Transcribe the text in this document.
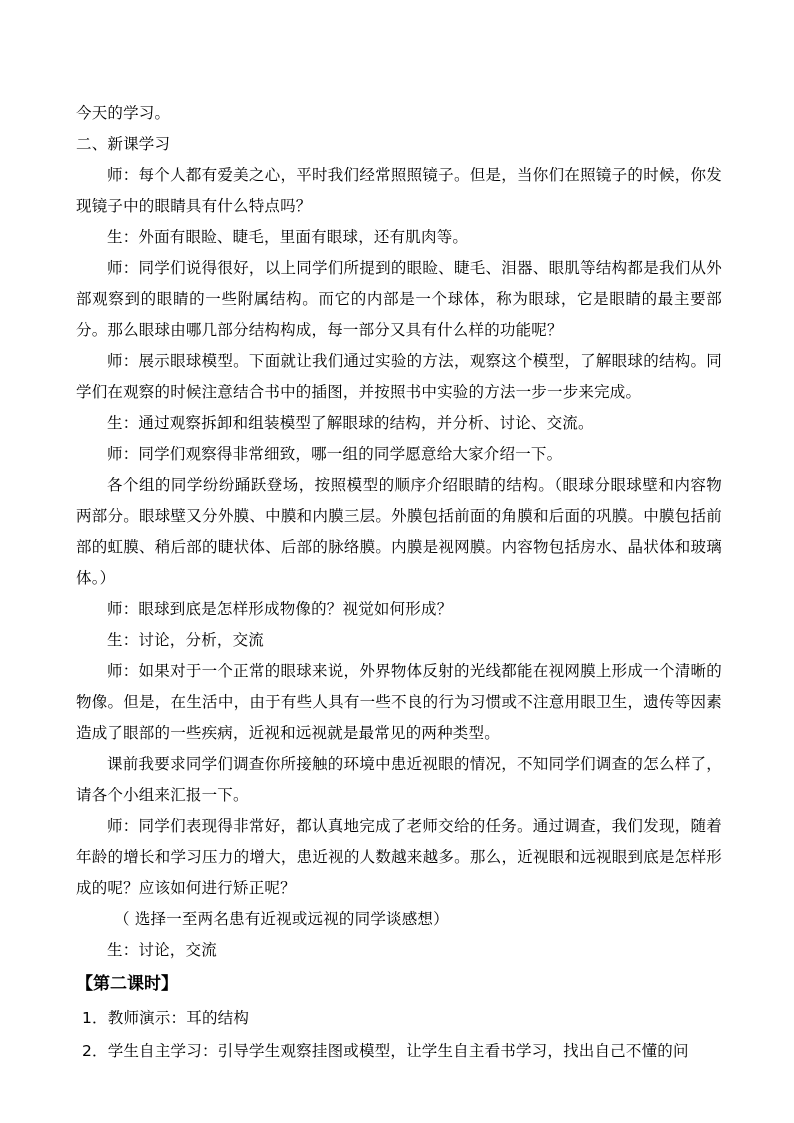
今天的学习。

二、新课学习

师：每个人都有爱美之心，平时我们经常照照镜子。但是，当你们在照镜子的时候，你发现镜子中的眼睛具有什么特点吗？

生：外面有眼睑、睫毛，里面有眼球，还有肌肉等。

师：同学们说得很好，以上同学们所提到的眼睑、睫毛、泪器、眼肌等结构都是我们从外部观察到的眼睛的一些附属结构。而它的内部是一个球体，称为眼球，它是眼睛的最主要部分。那么眼球由哪几部分结构构成，每一部分又具有什么样的功能呢？

师：展示眼球模型。下面就让我们通过实验的方法，观察这个模型，了解眼球的结构。同学们在观察的时候注意结合书中的插图，并按照书中实验的方法一步一步来完成。

生：通过观察拆卸和组装模型了解眼球的结构，并分析、讨论、交流。

师：同学们观察得非常细致，哪一组的同学愿意给大家介绍一下。

各个组的同学纷纷踊跃登场，按照模型的顺序介绍眼睛的结构。（眼球分眼球壁和内容物两部分。眼球壁又分外膜、中膜和内膜三层。外膜包括前面的角膜和后面的巩膜。中膜包括前部的虹膜、稍后部的睫状体、后部的脉络膜。内膜是视网膜。内容物包括房水、晶状体和玻璃体。）

师：眼球到底是怎样形成物像的？视觉如何形成？

生：讨论，分析，交流

师：如果对于一个正常的眼球来说，外界物体反射的光线都能在视网膜上形成一个清晰的物像。但是，在生活中，由于有些人具有一些不良的行为习惯或不注意用眼卫生，遗传等因素造成了眼部的一些疾病，近视和远视就是最常见的两种类型。

课前我要求同学们调查你所接触的环境中患近视眼的情况，不知同学们调查的怎么样了，请各个小组来汇报一下。

师：同学们表现得非常好，都认真地完成了老师交给的任务。通过调查，我们发现，随着年龄的增长和学习压力的增大，患近视的人数越来越多。那么，近视眼和远视眼到底是怎样形成的呢？应该如何进行矫正呢？

（ 选择一至两名患有近视或远视的同学谈感想）

生：讨论，交流

【第二课时】

1．教师演示：耳的结构

2．学生自主学习：引导学生观察挂图或模型，让学生自主看书学习，找出自己不懂的问
